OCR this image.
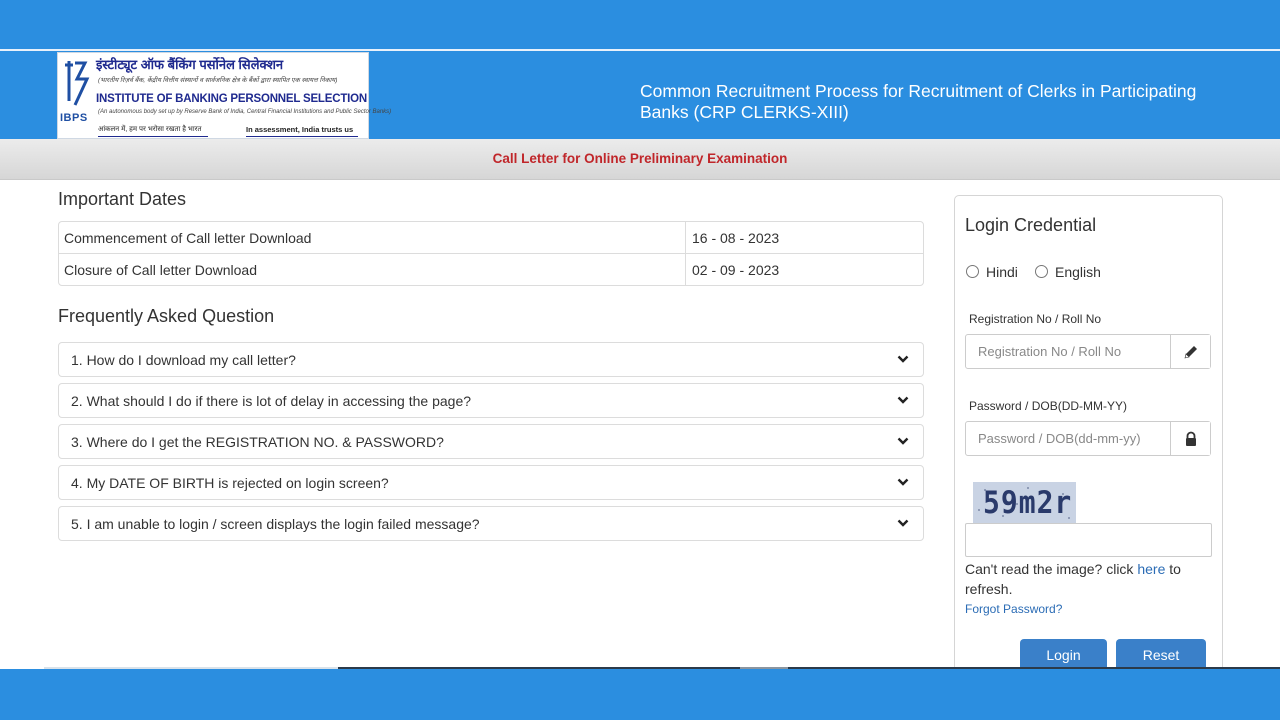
IBPS
इंस्टीट्यूट ऑफ बैंकिंग पर्सोनेल सिलेक्शन
(भारतीय रिज़र्व बैंक, केंद्रीय वित्तीय संस्थानों व सार्वजनिक क्षेत्र के बैंकों द्वारा स्थापित एक स्वायत्त निकाय)
INSTITUTE OF BANKING PERSONNEL SELECTION
(An autonomous body set up by Reserve Bank of India, Central Financial Institutions and Public Sector Banks)
आंकलन में, हम पर भरोसा रखता है भारत	In assessment, India trusts us
Common Recruitment Process for Recruitment of Clerks in Participating Banks (CRP CLERKS-XIII)
Call Letter for Online Preliminary Examination
Important Dates
Commencement of Call letter Download	16 - 08 - 2023
Closure of Call letter Download	02 - 09 - 2023
Frequently Asked Question
1. How do I download my call letter?
2. What should I do if there is lot of delay in accessing the page?
3. Where do I get the REGISTRATION NO. & PASSWORD?
4. My DATE OF BIRTH is rejected on login screen?
5. I am unable to login / screen displays the login failed message?
Login Credential
Hindi	English
Registration No / Roll No
Registration No / Roll No
Password / DOB(DD-MM-YY)
59m2r
Can't read the image? click here to refresh.
Forgot Password?
Login	Reset
